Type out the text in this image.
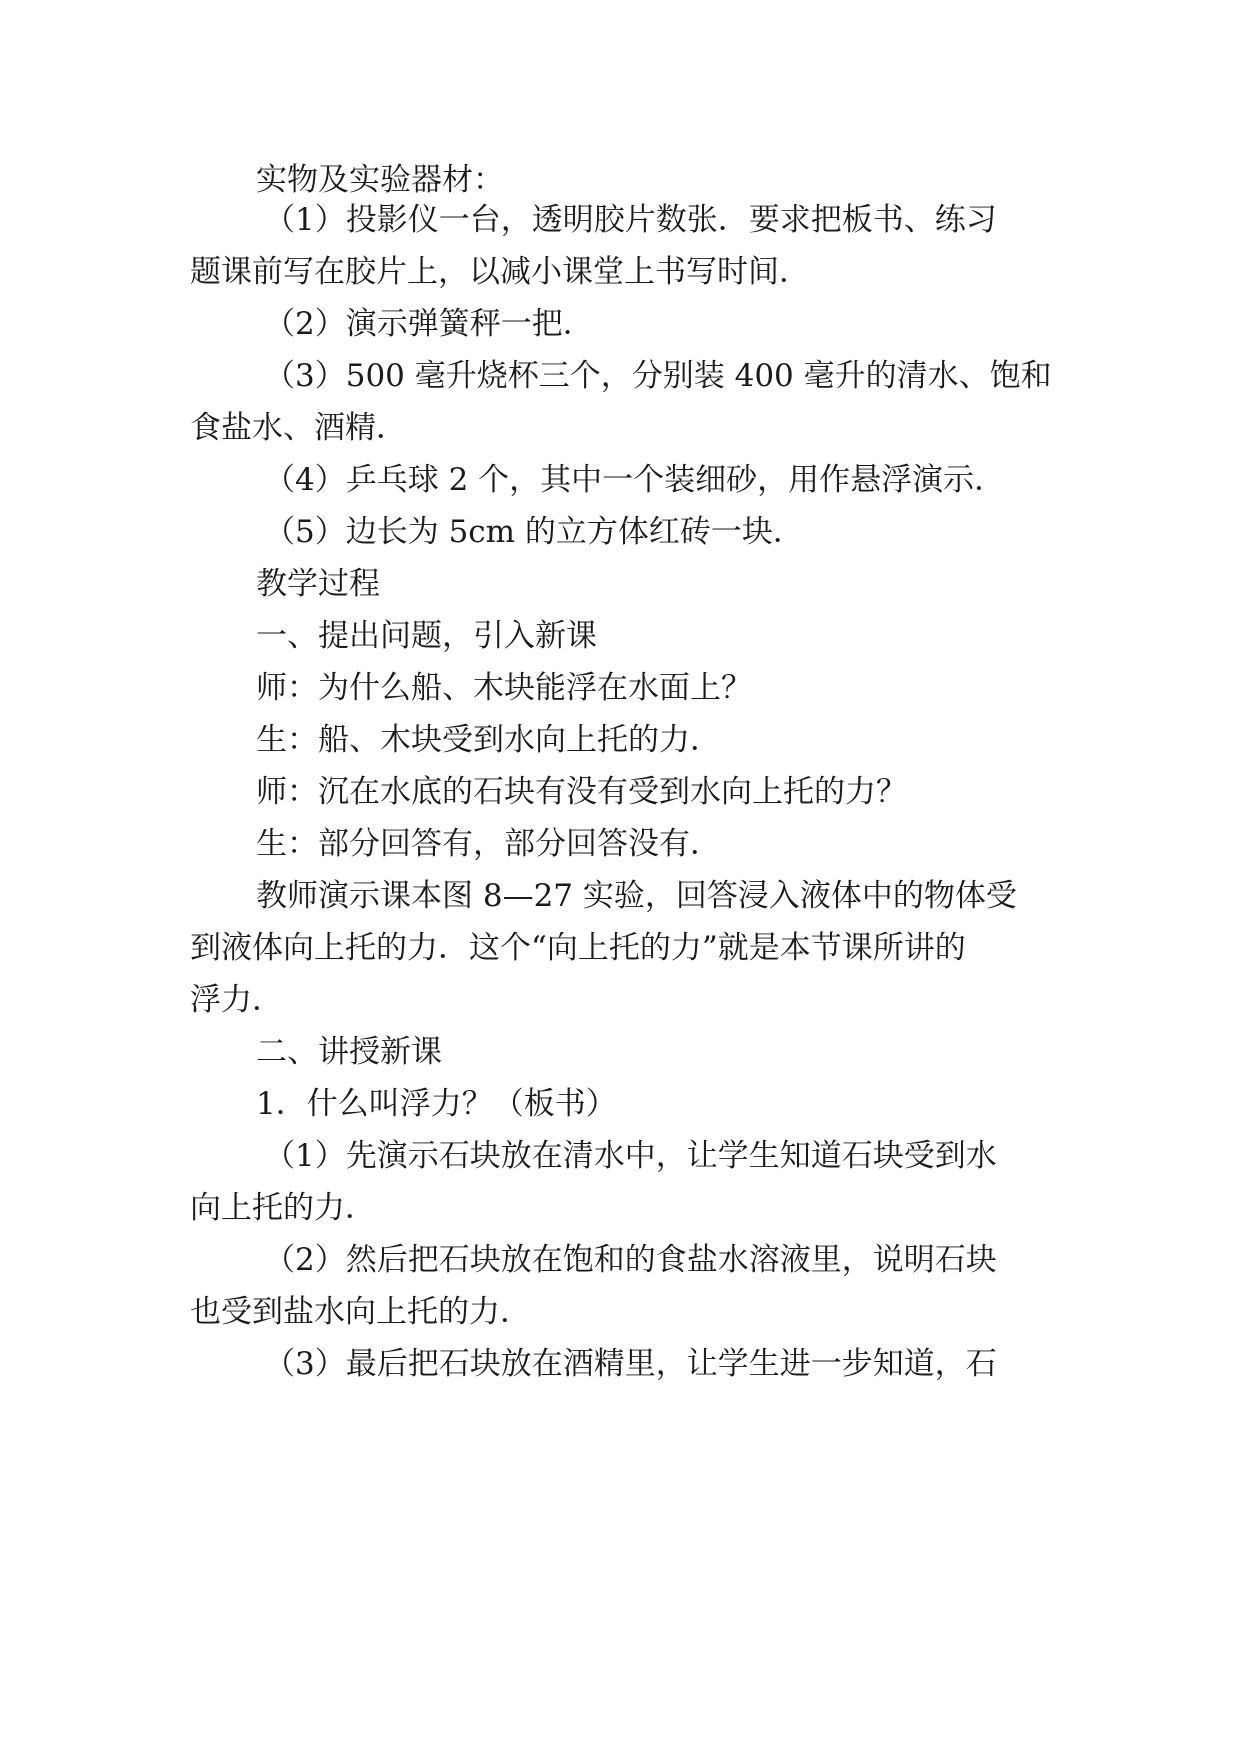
实物及实验器材：
（1）投影仪一台，透明胶片数张．要求把板书、练习
题课前写在胶片上，以减小课堂上书写时间．
（2）演示弹簧秤一把．
（3）500 毫升烧杯三个，分别装 400 毫升的清水、饱和
食盐水、酒精．
（4）乒乓球 2 个，其中一个装细砂，用作悬浮演示．
（5）边长为 5cm 的立方体红砖一块．
教学过程
一、提出问题，引入新课
师：为什么船、木块能浮在水面上？
生：船、木块受到水向上托的力．
师：沉在水底的石块有没有受到水向上托的力？
生：部分回答有，部分回答没有．
教师演示课本图 8—27 实验，回答浸入液体中的物体受
到液体向上托的力．这个“向上托的力”就是本节课所讲的
浮力．
二、讲授新课
1．什么叫浮力？（板书）
（1）先演示石块放在清水中，让学生知道石块受到水
向上托的力．
（2）然后把石块放在饱和的食盐水溶液里，说明石块
也受到盐水向上托的力．
（3）最后把石块放在酒精里，让学生进一步知道，石
